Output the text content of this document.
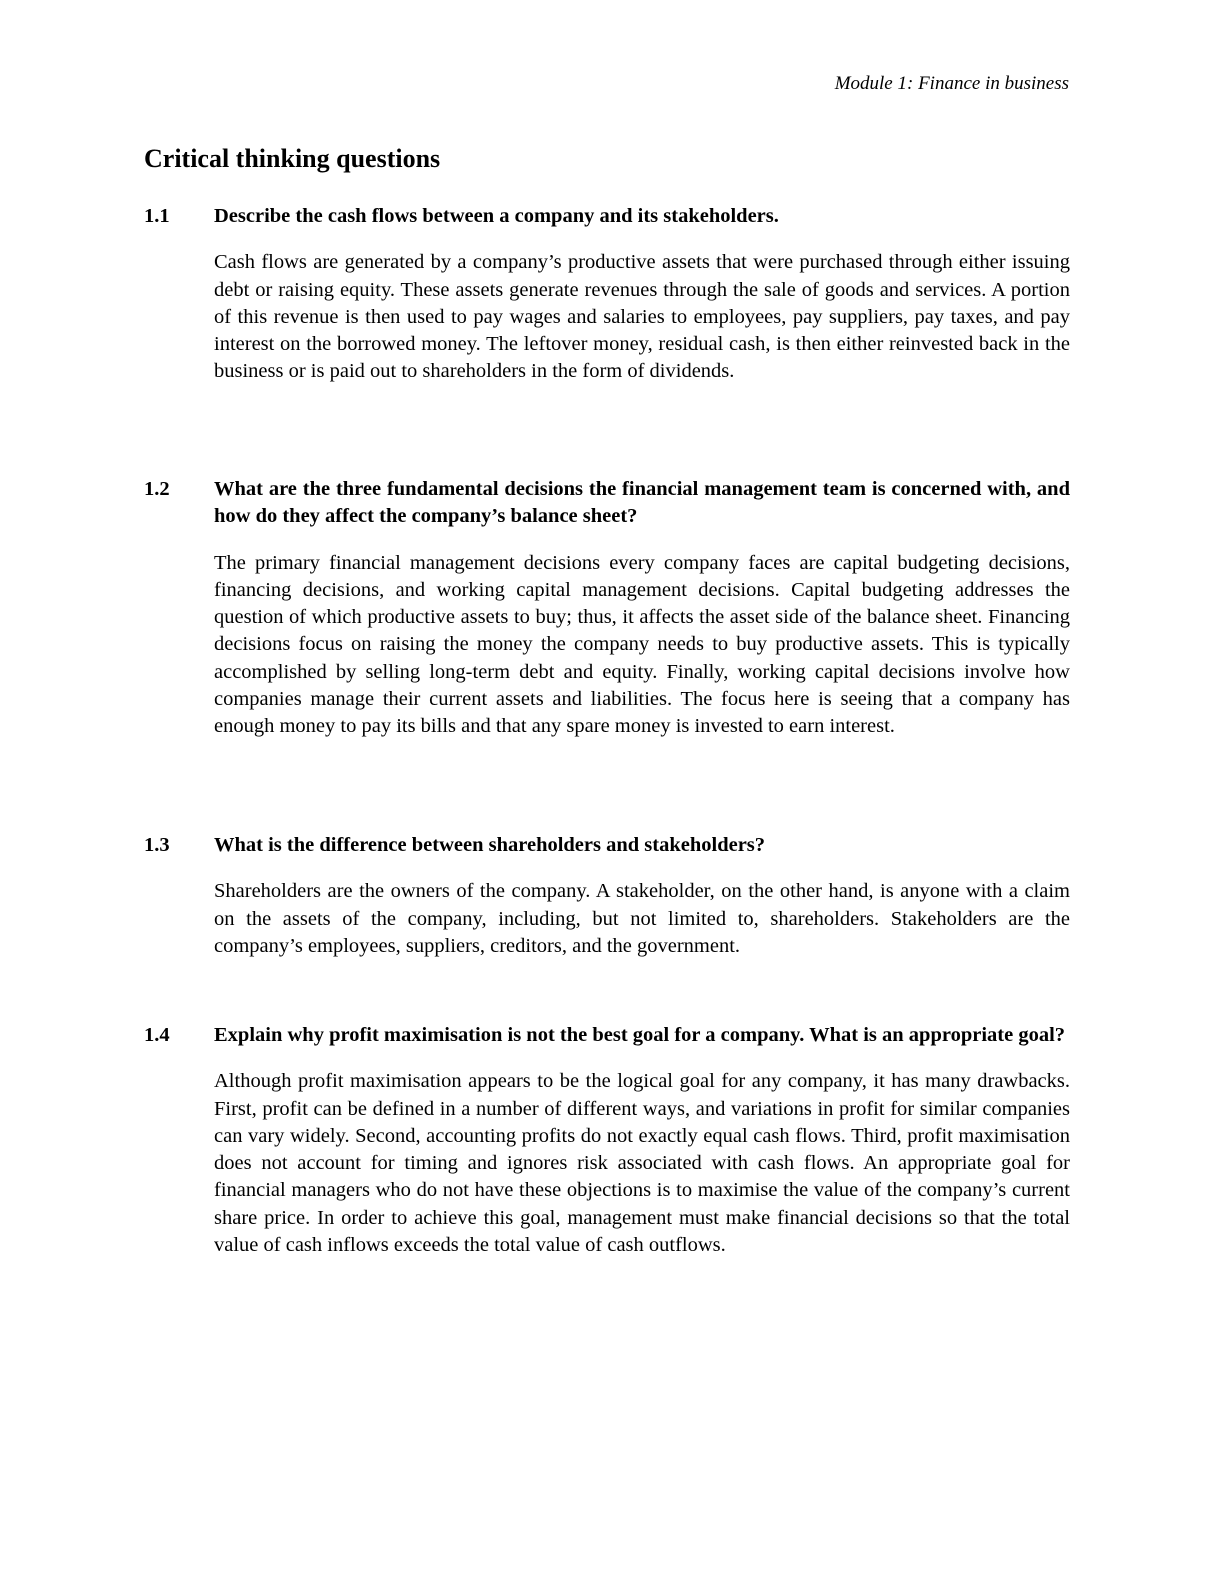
Module 1: Finance in business
Critical thinking questions
1.1	Describe the cash flows between a company and its stakeholders.

Cash flows are generated by a company’s productive assets that were purchased through either issuing debt or raising equity. These assets generate revenues through the sale of goods and services. A portion of this revenue is then used to pay wages and salaries to employees, pay suppliers, pay taxes, and pay interest on the borrowed money. The leftover money, residual cash, is then either reinvested back in the business or is paid out to shareholders in the form of dividends.

1.2	What are the three fundamental decisions the financial management team is concerned with, and how do they affect the company’s balance sheet?

The primary financial management decisions every company faces are capital budgeting decisions, financing decisions, and working capital management decisions. Capital budgeting addresses the question of which productive assets to buy; thus, it affects the asset side of the balance sheet. Financing decisions focus on raising the money the company needs to buy productive assets. This is typically accomplished by selling long-term debt and equity. Finally, working capital decisions involve how companies manage their current assets and liabilities. The focus here is seeing that a company has enough money to pay its bills and that any spare money is invested to earn interest.

1.3	What is the difference between shareholders and stakeholders?

Shareholders are the owners of the company. A stakeholder, on the other hand, is anyone with a claim on the assets of the company, including, but not limited to, shareholders. Stakeholders are the company’s employees, suppliers, creditors, and the government.

1.4	Explain why profit maximisation is not the best goal for a company. What is an appropriate goal?

Although profit maximisation appears to be the logical goal for any company, it has many drawbacks. First, profit can be defined in a number of different ways, and variations in profit for similar companies can vary widely. Second, accounting profits do not exactly equal cash flows. Third, profit maximisation does not account for timing and ignores risk associated with cash flows. An appropriate goal for financial managers who do not have these objections is to maximise the value of the company’s current share price. In order to achieve this goal, management must make financial decisions so that the total value of cash inflows exceeds the total value of cash outflows.
